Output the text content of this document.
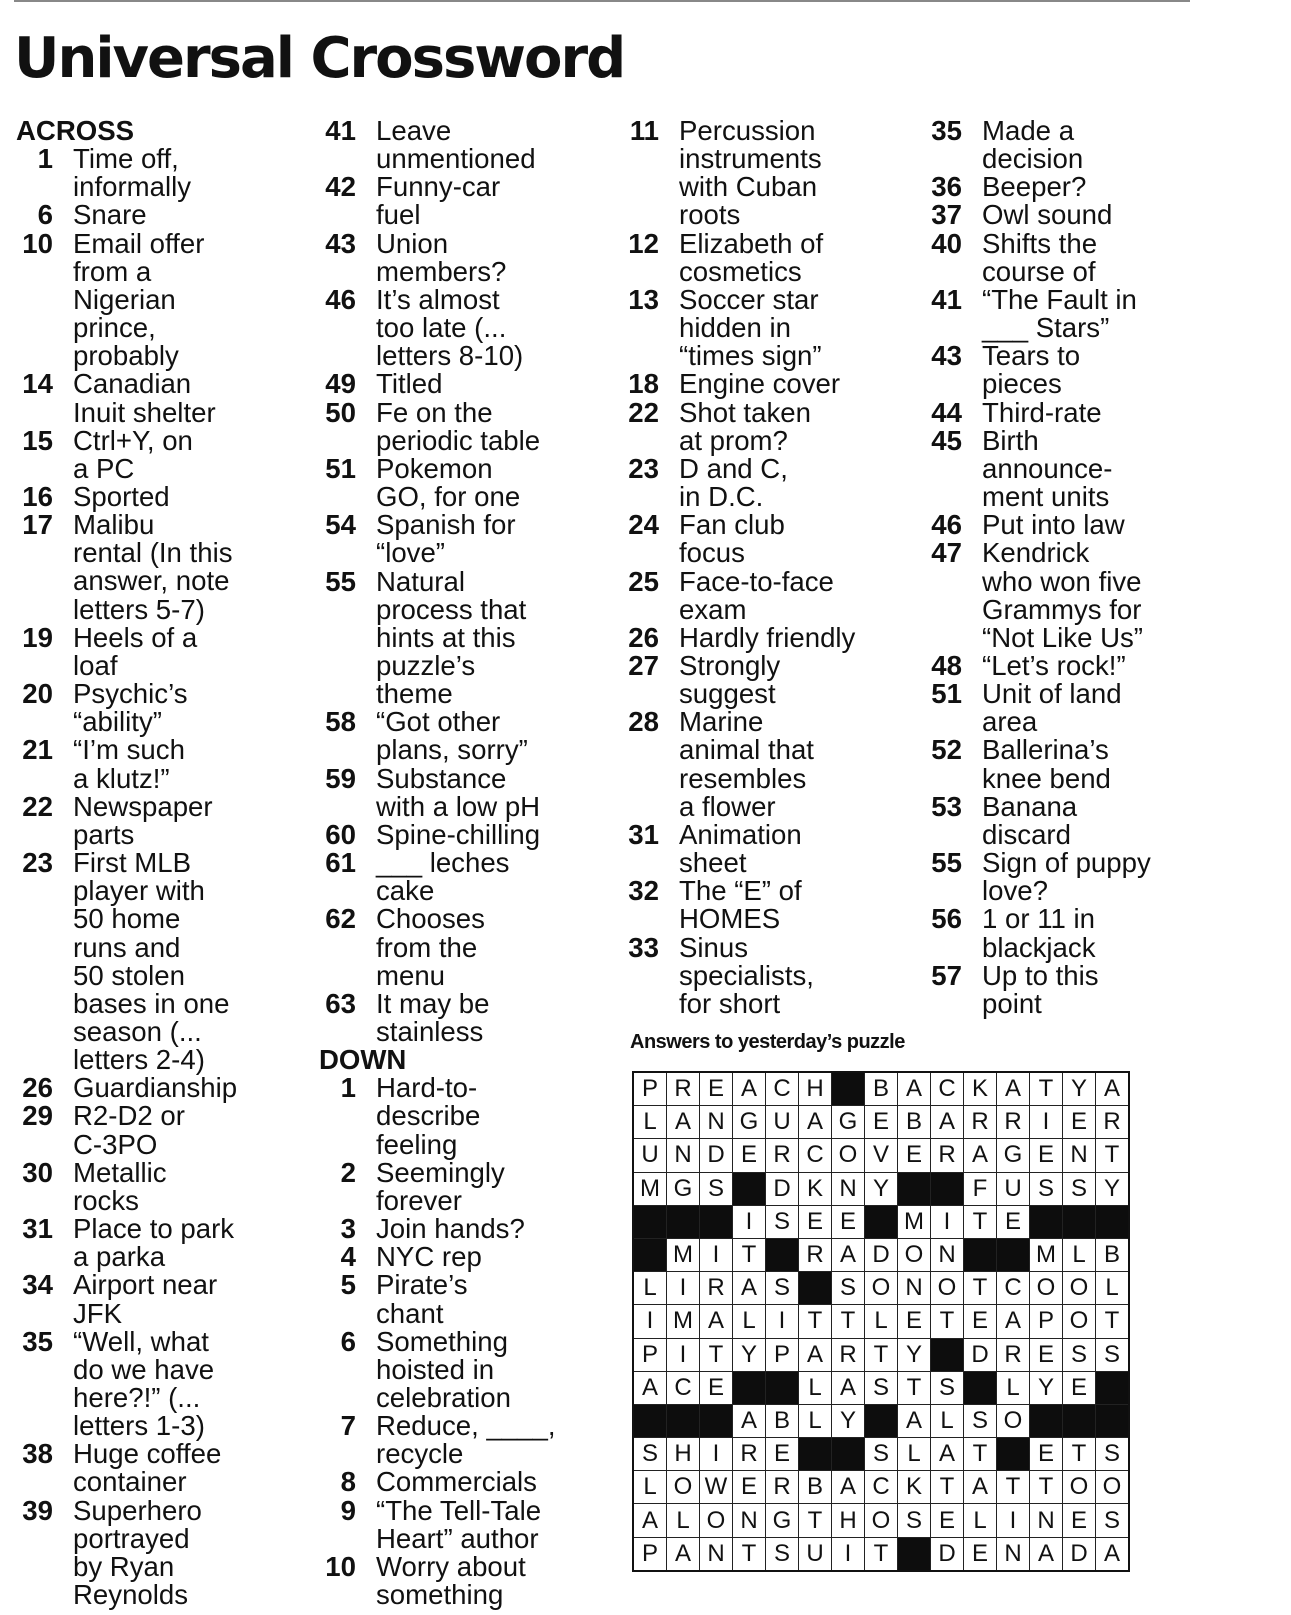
Universal Crossword
ACROSS
1 Time off,
informally
6 Snare
10 Email offer
from a
Nigerian
prince,
probably
14 Canadian
Inuit shelter
15 Ctrl+Y, on
a PC
16 Sported
17 Malibu
rental (In this
answer, note
letters 5-7)
19 Heels of a
loaf
20 Psychic’s
“ability”
21 “I’m such
a klutz!”
22 Newspaper
parts
23 First MLB
player with
50 home
runs and
50 stolen
bases in one
season (...
letters 2-4)
26 Guardianship
29 R2-D2 or
C-3PO
30 Metallic
rocks
31 Place to park
a parka
34 Airport near
JFK
35 “Well, what
do we have
here?!” (...
letters 1-3)
38 Huge coffee
container
39 Superhero
portrayed
by Ryan
Reynolds
41 Leave
unmentioned
42 Funny-car
fuel
43 Union
members?
46 It’s almost
too late (...
letters 8-10)
49 Titled
50 Fe on the
periodic table
51 Pokemon
GO, for one
54 Spanish for
“love”
55 Natural
process that
hints at this
puzzle’s
theme
58 “Got other
plans, sorry”
59 Substance
with a low pH
60 Spine-chilling
61 ___ leches
cake
62 Chooses
from the
menu
63 It may be
stainless
DOWN
1 Hard-to-
describe
feeling
2 Seemingly
forever
3 Join hands?
4 NYC rep
5 Pirate’s
chant
6 Something
hoisted in
celebration
7 Reduce, ____,
recycle
8 Commercials
9 “The Tell-Tale
Heart” author
10 Worry about
something
11 Percussion
instruments
with Cuban
roots
12 Elizabeth of
cosmetics
13 Soccer star
hidden in
“times sign”
18 Engine cover
22 Shot taken
at prom?
23 D and C,
in D.C.
24 Fan club
focus
25 Face-to-face
exam
26 Hardly friendly
27 Strongly
suggest
28 Marine
animal that
resembles
a flower
31 Animation
sheet
32 The “E” of
HOMES
33 Sinus
specialists,
for short
35 Made a
decision
36 Beeper?
37 Owl sound
40 Shifts the
course of
41 “The Fault in
___ Stars”
43 Tears to
pieces
44 Third-rate
45 Birth
announce-
ment units
46 Put into law
47 Kendrick
who won five
Grammys for
“Not Like Us”
48 “Let’s rock!”
51 Unit of land
area
52 Ballerina’s
knee bend
53 Banana
discard
55 Sign of puppy
love?
56 1 or 11 in
blackjack
57 Up to this
point
Answers to yesterday’s puzzle
P	R	E	A	C	H		B	A	C	K	A	T	Y	A
L	A	N	G	U	A	G	E	B	A	R	R	I	E	R
U	N	D	E	R	C	O	V	E	R	A	G	E	N	T
M	G	S		D	K	N	Y			F	U	S	S	Y
			I	S	E	E		M	I	T	E			
	M	I	T		R	A	D	O	N			M	L	B
L	I	R	A	S		S	O	N	O	T	C	O	O	L
I	M	A	L	I	T	T	L	E	T	E	A	P	O	T
P	I	T	Y	P	A	R	T	Y		D	R	E	S	S
A	C	E			L	A	S	T	S		L	Y	E	
			A	B	L	Y		A	L	S	O			
S	H	I	R	E			S	L	A	T		E	T	S
L	O	W	E	R	B	A	C	K	T	A	T	T	O	O
A	L	O	N	G	T	H	O	S	E	L	I	N	E	S
P	A	N	T	S	U	I	T		D	E	N	A	D	A
